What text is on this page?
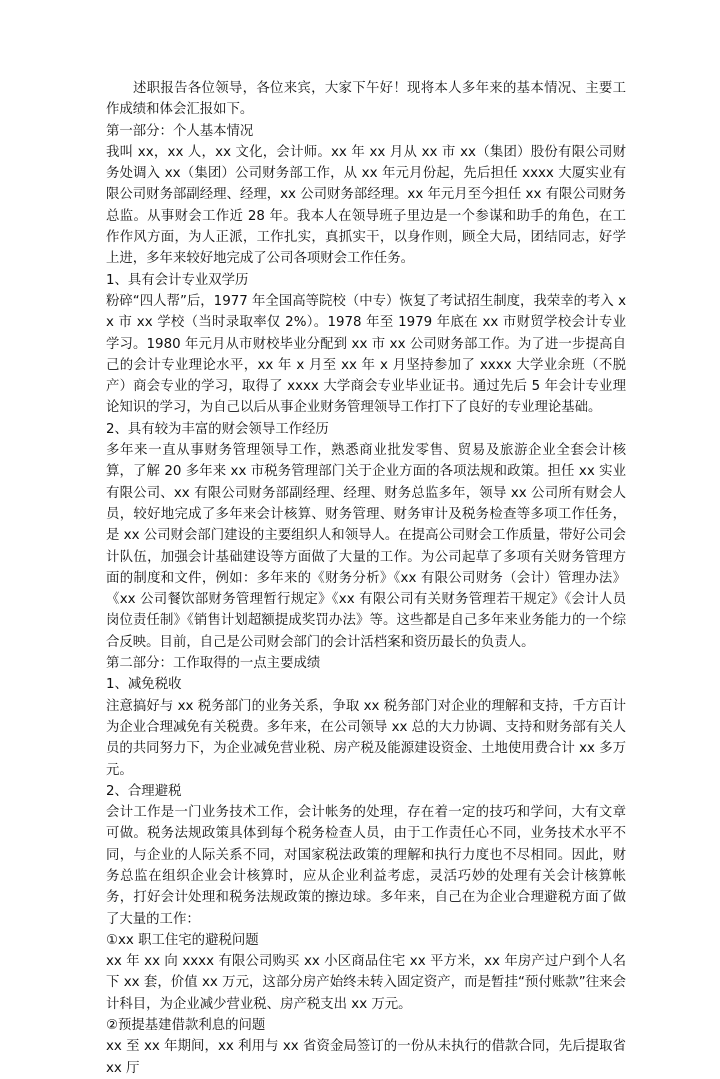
述职报告各位领导，各位来宾，大家下午好！现将本人多年来的基本情况、主要工作成绩和体会汇报如下。

第一部分：个人基本情况

我叫 xx，xx 人，xx 文化，会计师。xx 年 xx 月从 xx 市 xx（集团）股份有限公司财务处调入 xx（集团）公司财务部工作，从 xx 年元月份起，先后担任 xxxx 大厦实业有限公司财务部副经理、经理，xx 公司财务部经理。xx 年元月至今担任 xx 有限公司财务总监。从事财会工作近 28 年。我本人在领导班子里边是一个参谋和助手的角色，在工作作风方面，为人正派，工作扎实，真抓实干，以身作则，顾全大局，团结同志，好学上进，多年来较好地完成了公司各项财会工作任务。

1、具有会计专业双学历

粉碎“四人帮”后，1977 年全国高等院校（中专）恢复了考试招生制度，我荣幸的考入 xx 市 xx 学校（当时录取率仅 2%）。1978 年至 1979 年底在 xx 市财贸学校会计专业学习。1980 年元月从市财校毕业分配到 xx 市 xx 公司财务部工作。为了进一步提高自己的会计专业理论水平，xx 年 x 月至 xx 年 x 月坚持参加了 xxxx 大学业余班（不脱产）商会专业的学习，取得了 xxxx 大学商会专业毕业证书。通过先后 5 年会计专业理论知识的学习，为自己以后从事企业财务管理领导工作打下了良好的专业理论基础。

2、具有较为丰富的财会领导工作经历

多年来一直从事财务管理领导工作，熟悉商业批发零售、贸易及旅游企业全套会计核算，了解 20 多年来 xx 市税务管理部门关于企业方面的各项法规和政策。担任 xx 实业有限公司、xx 有限公司财务部副经理、经理、财务总监多年，领导 xx 公司所有财会人员，较好地完成了多年来会计核算、财务管理、财务审计及税务检查等多项工作任务，是 xx 公司财会部门建设的主要组织人和领导人。在提高公司财会工作质量，带好公司会计队伍，加强会计基础建设等方面做了大量的工作。为公司起草了多项有关财务管理方面的制度和文件，例如：多年来的《财务分析》《xx 有限公司财务（会计）管理办法》《xx 公司餐饮部财务管理暂行规定》《xx 有限公司有关财务管理若干规定》《会计人员岗位责任制》《销售计划超额提成奖罚办法》等。这些都是自己多年来业务能力的一个综合反映。目前，自己是公司财会部门的会计活档案和资历最长的负责人。

第二部分：工作取得的一点主要成绩

1、减免税收

注意搞好与 xx 税务部门的业务关系，争取 xx 税务部门对企业的理解和支持，千方百计为企业合理减免有关税费。多年来，在公司领导 xx 总的大力协调、支持和财务部有关人员的共同努力下，为企业减免营业税、房产税及能源建设资金、土地使用费合计 xx 多万元。

2、合理避税

会计工作是一门业务技术工作，会计帐务的处理，存在着一定的技巧和学问，大有文章可做。税务法规政策具体到每个税务检查人员，由于工作责任心不同，业务技术水平不同，与企业的人际关系不同，对国家税法政策的理解和执行力度也不尽相同。因此，财务总监在组织企业会计核算时，应从企业利益考虑，灵活巧妙的处理有关会计核算帐务，打好会计处理和税务法规政策的擦边球。多年来，自己在为企业合理避税方面了做了大量的工作：

①xx 职工住宅的避税问题

xx 年 xx 向 xxxx 有限公司购买 xx 小区商品住宅 xx 平方米，xx 年房产过户到个人名下 xx 套，价值 xx 万元，这部分房产始终未转入固定资产，而是暂挂“预付账款”往来会计科目，为企业减少营业税、房产税支出 xx 万元。

②预提基建借款利息的问题

xx 至 xx 年期间，xx 利用与 xx 省资金局签订的一份从未执行的借款合同，先后提取省 xx 厅
